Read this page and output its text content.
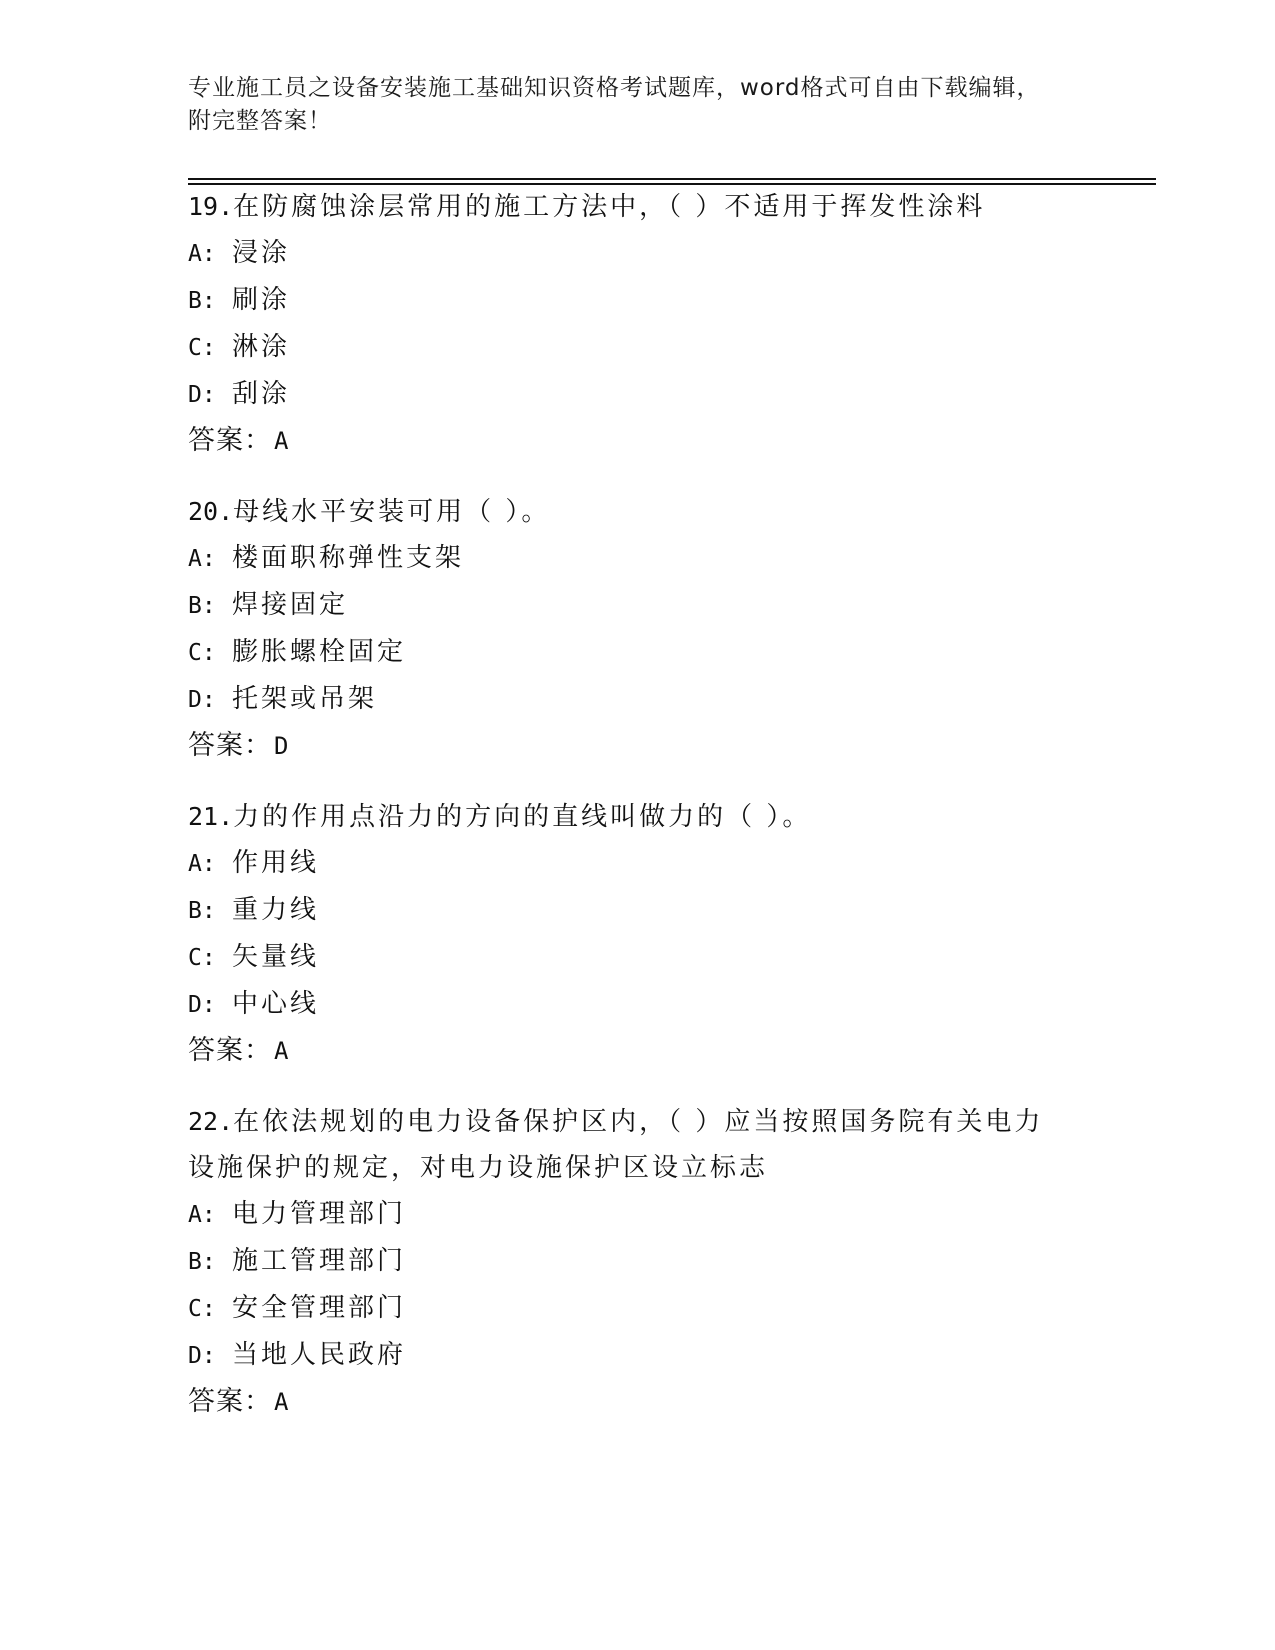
专业施工员之设备安装施工基础知识资格考试题库，word格式可自由下载编辑，
附完整答案！

19.在防腐蚀涂层常用的施工方法中，（ ）不适用于挥发性涂料

A: 浸涂

B: 刷涂

C: 淋涂

D: 刮涂

答案：A

20.母线水平安装可用（ ）。

A: 楼面职称弹性支架

B: 焊接固定

C: 膨胀螺栓固定

D: 托架或吊架

答案：D

21.力的作用点沿力的方向的直线叫做力的（ ）。

A: 作用线

B: 重力线

C: 矢量线

D: 中心线

答案：A

22.在依法规划的电力设备保护区内，（ ）应当按照国务院有关电力

设施保护的规定，对电力设施保护区设立标志

A: 电力管理部门

B: 施工管理部门

C: 安全管理部门

D: 当地人民政府

答案：A
